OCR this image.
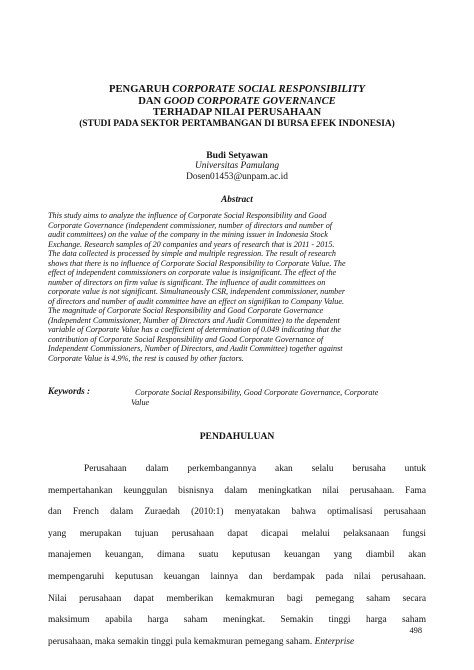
PENGARUH CORPORATE SOCIAL RESPONSIBILITY
DAN GOOD CORPORATE GOVERNANCE
TERHADAP NILAI PERUSAHAAN
(STUDI PADA SEKTOR PERTAMBANGAN DI BURSA EFEK INDONESIA)
Budi Setyawan
Universitas Pamulang
Dosen01453@unpam.ac.id
Abstract
This study aims to analyze the influence of Corporate Social Responsibility and Good
Corporate Governance (independent commissioner, number of directors and number of
audit committees) on the value of the company in the mining issuer in Indonesia Stock
Exchange. Research samples of 20 companies and years of research that is 2011 - 2015.
The data collected is processed by simple and multiple regression. The result of research
shows that there is no influence of Corporate Social Responsibility to Corporate Value. The
effect of independent commissioners on corporate value is insignificant. The effect of the
number of directors on firm value is significant. The influence of audit committees on
corporate value is not significant. Simultaneously CSR, independent commissioner, number
of directors and number of audit committee have an effect on signifikan to Company Value.
The magnitude of Corporate Social Responsibility and Good Corporate Governance
(Independent Commissioner, Number of Directors and Audit Committee) to the dependent
variable of Corporate Value has a coefficient of determination of 0.049 indicating that the
contribution of Corporate Social Responsibility and Good Corporate Governance of
Independent Commissioners, Number of Directors, and Audit Committee) together against
Corporate Value is 4.9%, the rest is caused by other factors.
Keywords :	Corporate Social Responsibility, Good Corporate Governance, Corporate
Value
PENDAHULUAN
Perusahaan dalam perkembangannya akan selalu berusaha untuk
mempertahankan keunggulan bisnisnya dalam meningkatkan nilai perusahaan. Fama
dan French dalam Zuraedah (2010:1) menyatakan bahwa optimalisasi perusahaan
yang merupakan tujuan perusahaan dapat dicapai melalui pelaksanaan fungsi
manajemen keuangan, dimana suatu keputusan keuangan yang diambil akan
mempengaruhi keputusan keuangan lainnya dan berdampak pada nilai perusahaan.
Nilai perusahaan dapat memberikan kemakmuran bagi pemegang saham secara
maksimum apabila harga saham meningkat. Semakin tinggi harga saham
perusahaan, maka semakin tinggi pula kemakmuran pemegang saham. Enterprise
498
